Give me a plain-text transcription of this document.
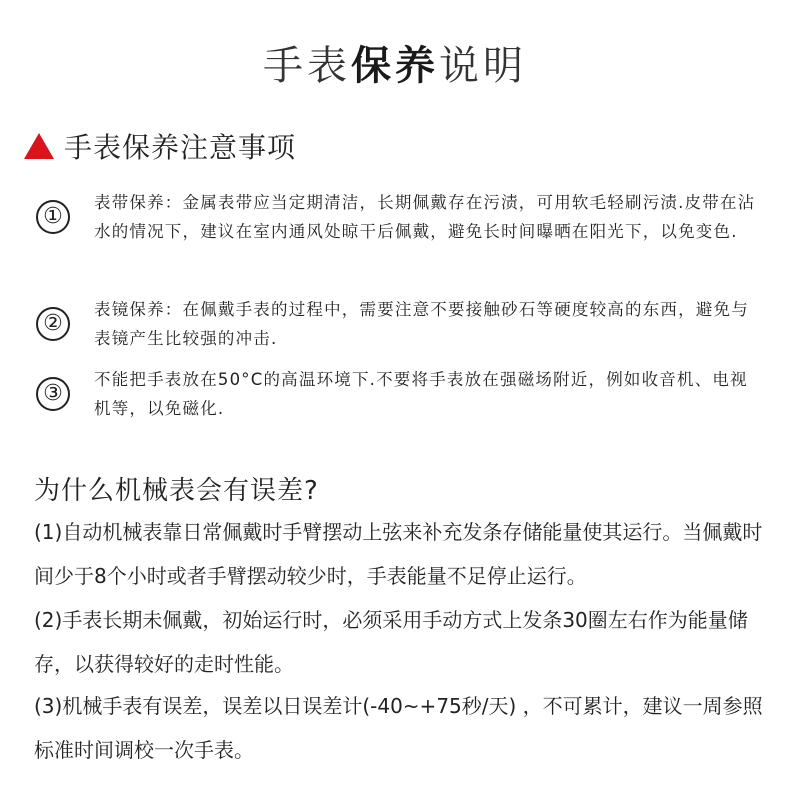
手表保养说明
手表保养注意事项
①
表带保养：金属表带应当定期清洁，长期佩戴存在污渍，可用软毛轻刷污渍.皮带在沾水的情况下，建议在室内通风处晾干后佩戴，避免长时间曝晒在阳光下，以免变色.
②
表镜保养：在佩戴手表的过程中，需要注意不要接触砂石等硬度较高的东西，避免与表镜产生比较强的冲击.
③
不能把手表放在50°C的高温环境下.不要将手表放在强磁场附近，例如收音机、电视机等，以免磁化.
为什么机械表会有误差?
(1)自动机械表靠日常佩戴时手臂摆动上弦来补充发条存储能量使其运行。当佩戴时间少于8个小时或者手臂摆动较少时，手表能量不足停止运行。
(2)手表长期未佩戴，初始运行时，必须采用手动方式上发条30圈左右作为能量储存，以获得较好的走时性能。
(3)机械手表有误差，误差以日误差计(-40~+75秒/天) ，不可累计，建议一周参照标准时间调校一次手表。
